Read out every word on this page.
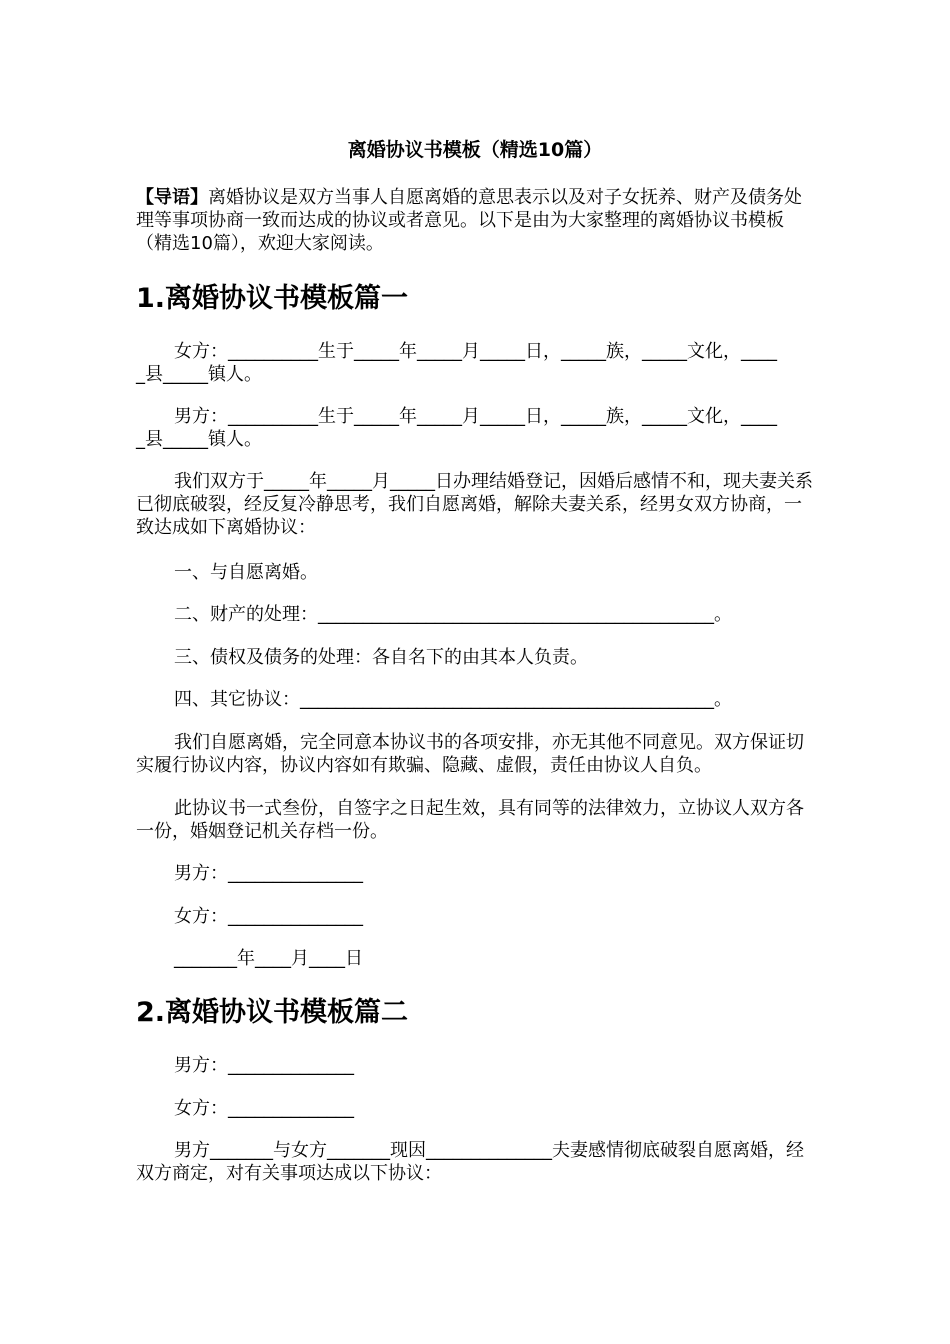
离婚协议书模板（精选10篇）
【导语】离婚协议是双方当事人自愿离婚的意思表示以及对子女抚养、财产及债务处理等事项协商一致而达成的协议或者意见。以下是由为大家整理的离婚协议书模板（精选10篇），欢迎大家阅读。
1.离婚协议书模板篇一
女方：__________生于_____年_____月_____日，_____族，_____文化，____
_县_____镇人。
男方：__________生于_____年_____月_____日，_____族，_____文化，____
_县_____镇人。
我们双方于_____年_____月_____日办理结婚登记，因婚后感情不和，现夫妻关系已彻底破裂，经反复冷静思考，我们自愿离婚，解除夫妻关系，经男女双方协商，一致达成如下离婚协议：
一、与自愿离婚。
二、财产的处理：____________________________________________。
三、债权及债务的处理：各自名下的由其本人负责。
四、其它协议：______________________________________________。
我们自愿离婚，完全同意本协议书的各项安排，亦无其他不同意见。双方保证切实履行协议内容，协议内容如有欺骗、隐藏、虚假，责任由协议人自负。
此协议书一式叁份，自签字之日起生效，具有同等的法律效力，立协议人双方各一份，婚姻登记机关存档一份。
男方：_______________
女方：_______________
_______年____月____日
2.离婚协议书模板篇二
男方：______________
女方：______________
男方_______与女方_______现因______________夫妻感情彻底破裂自愿离婚，经双方商定，对有关事项达成以下协议：
